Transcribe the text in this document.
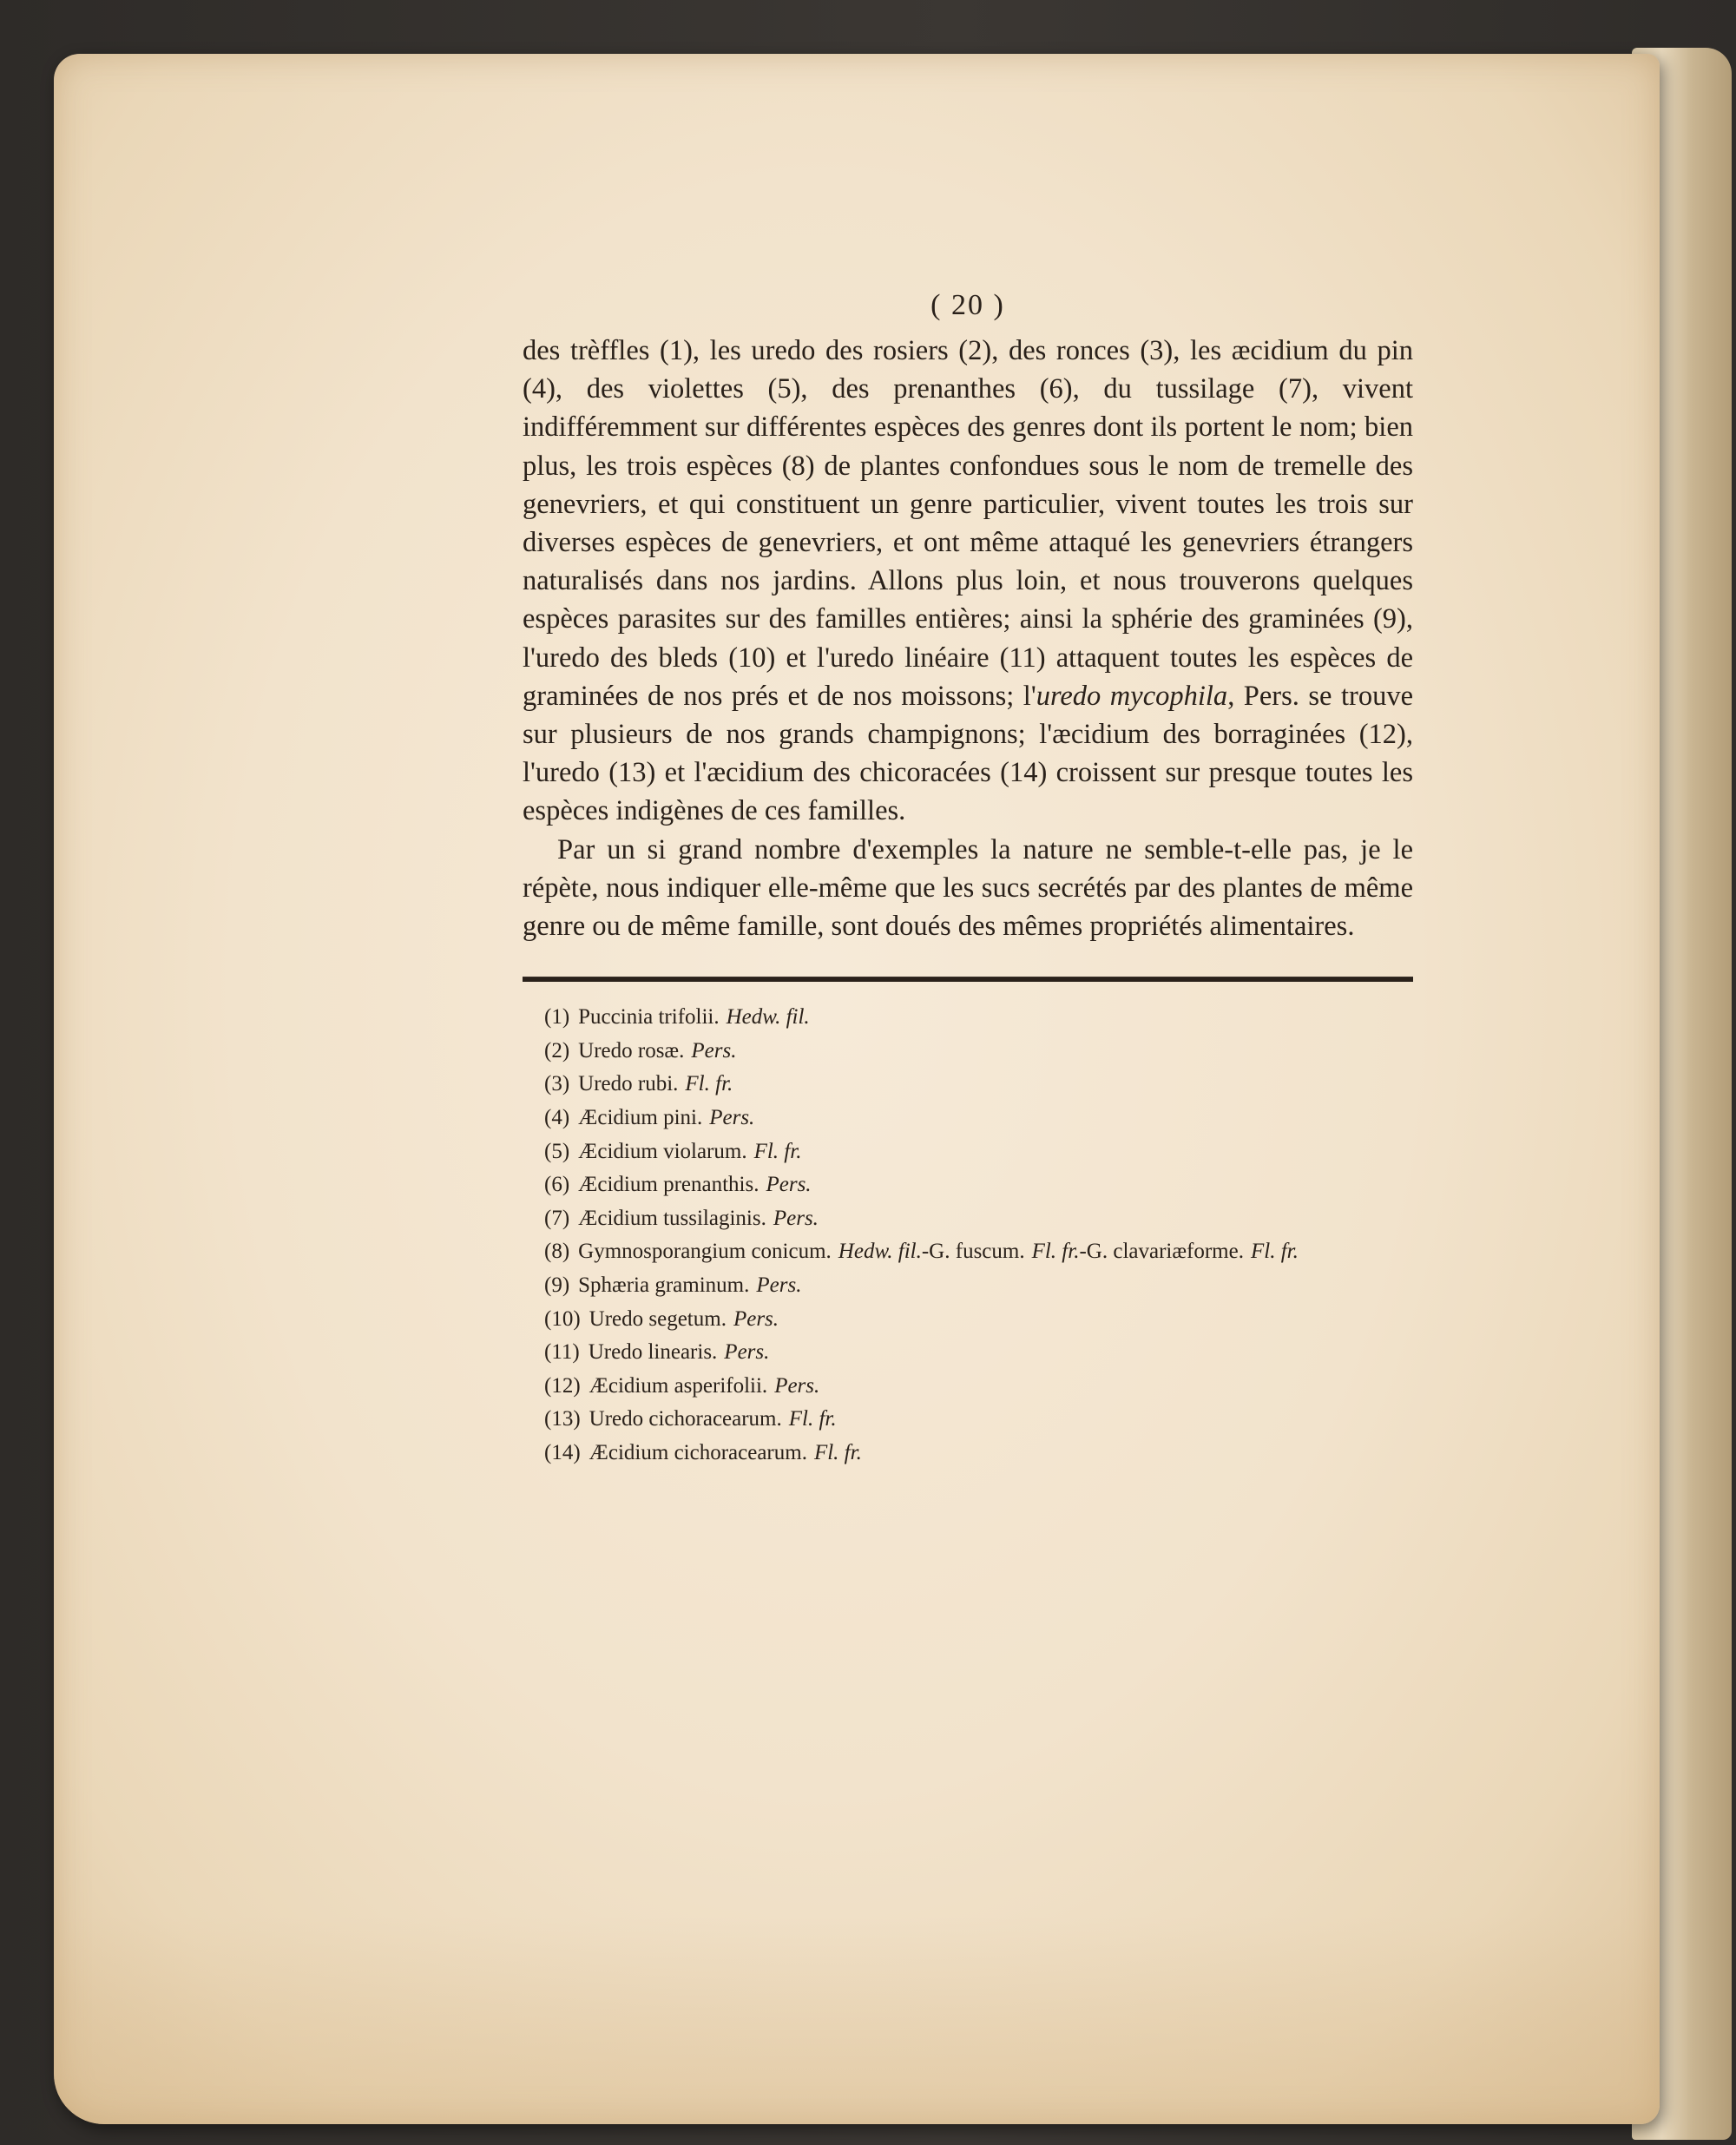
( 20 )

des trèffles (1), les uredo des rosiers (2), des ronces (3), les æcidium du pin (4), des violettes (5), des prenanthes (6), du tussilage (7), vivent indifféremment sur différentes espèces des genres dont ils portent le nom; bien plus, les trois espèces (8) de plantes confondues sous le nom de tremelle des genevriers, et qui constituent un genre particulier, vivent toutes les trois sur diverses espèces de genevriers, et ont même attaqué les genevriers étrangers naturalisés dans nos jardins. Allons plus loin, et nous trouverons quelques espèces parasites sur des familles entières; ainsi la sphérie des graminées (9), l'uredo des bleds (10) et l'uredo linéaire (11) attaquent toutes les espèces de graminées de nos prés et de nos moissons; l'uredo mycophila, Pers. se trouve sur plusieurs de nos grands champignons; l'æcidium des borraginées (12), l'uredo (13) et l'æcidium des chicoracées (14) croissent sur presque toutes les espèces indigènes de ces familles.

Par un si grand nombre d'exemples la nature ne semble-t-elle pas, je le répète, nous indiquer elle-même que les sucs secrétés par des plantes de même genre ou de même famille, sont doués des mêmes propriétés alimentaires.

(1) Puccinia trifolii. Hedw. fil.
(2) Uredo rosæ. Pers.
(3) Uredo rubi. Fl. fr.
(4) Æcidium pini. Pers.
(5) Æcidium violarum. Fl. fr.
(6) Æcidium prenanthis. Pers.
(7) Æcidium tussilaginis. Pers.
(8) Gymnosporangium conicum. Hedw. fil.-G. fuscum. Fl. fr.-G. clavariæforme. Fl. fr.
(9) Sphæria graminum. Pers.
(10) Uredo segetum. Pers.
(11) Uredo linearis. Pers.
(12) Æcidium asperifolii. Pers.
(13) Uredo cichoracearum. Fl. fr.
(14) Æcidium cichoracearum. Fl. fr.
